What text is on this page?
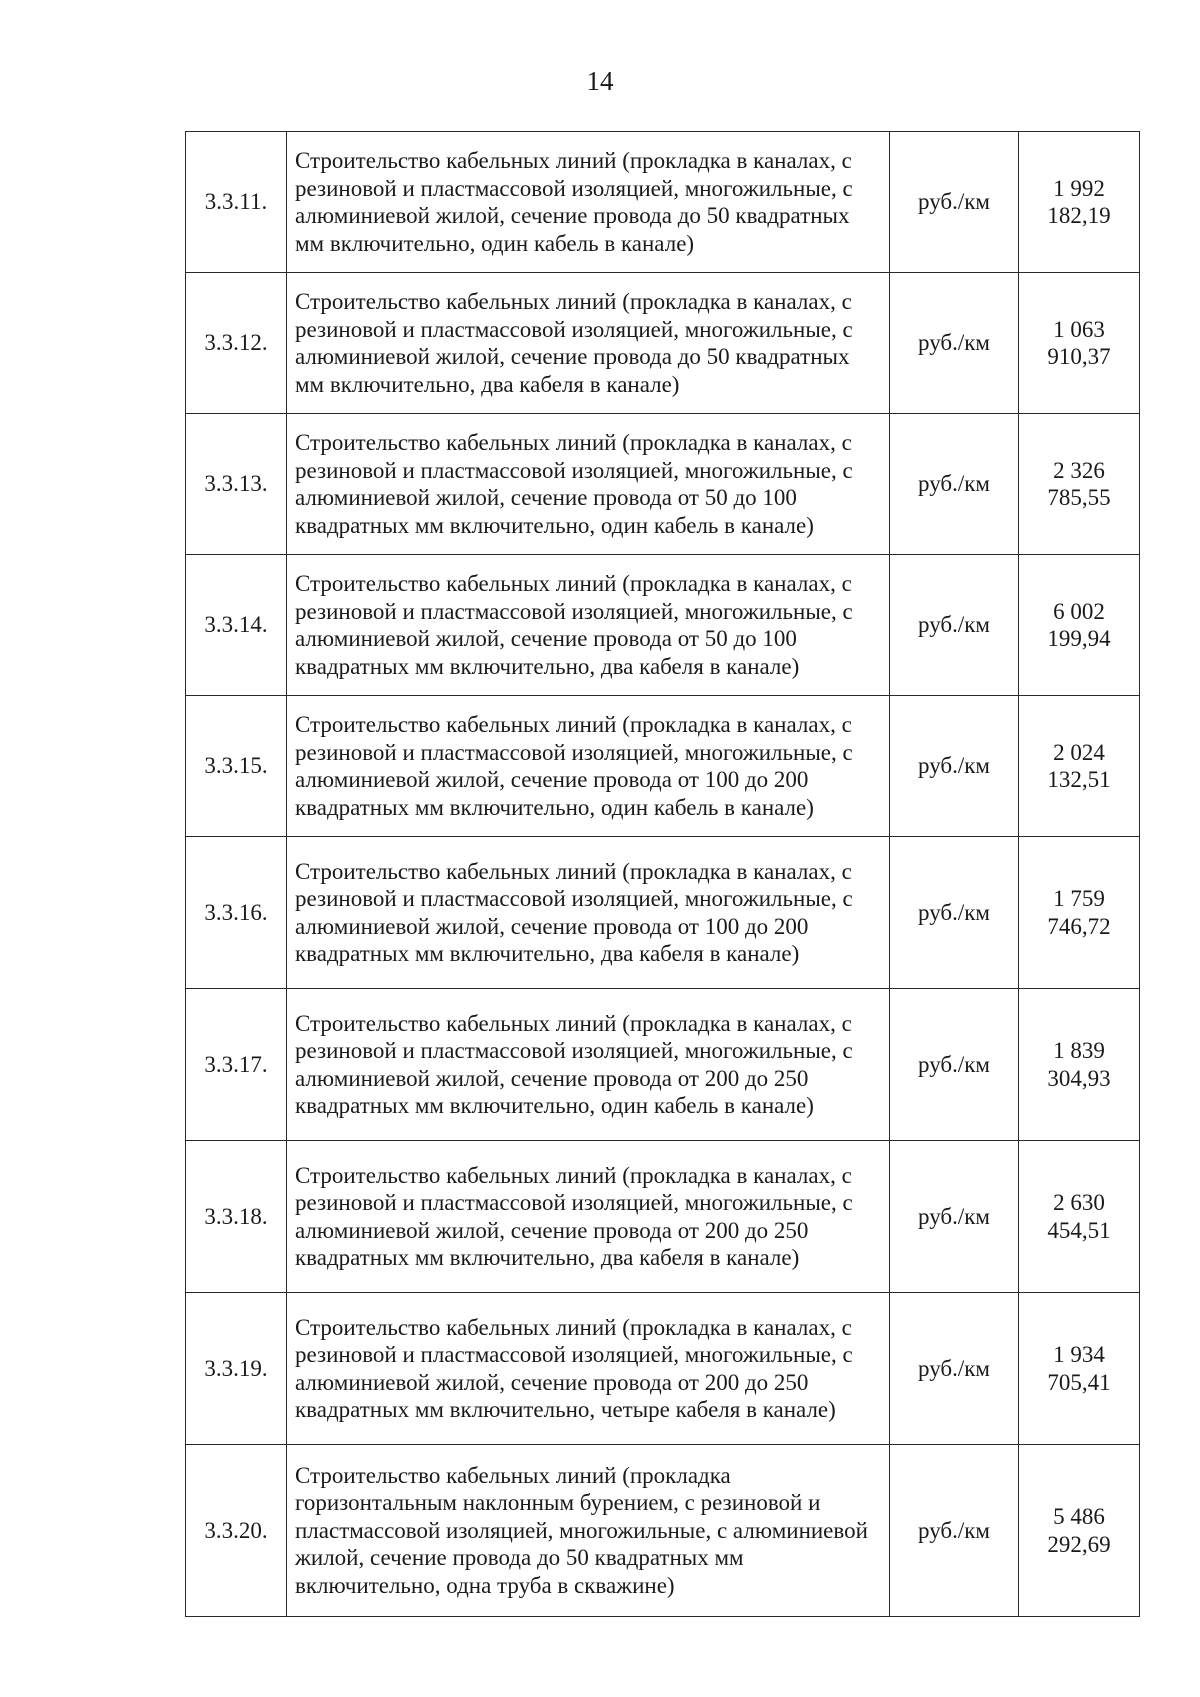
14
3.3.11.	Строительство кабельных линий (прокладка в каналах, с резиновой и пластмассовой изоляцией, многожильные, с алюминиевой жилой, сечение провода до 50 квадратных мм включительно, один кабель в канале)	руб./км	1 992 182,19
3.3.12.	Строительство кабельных линий (прокладка в каналах, с резиновой и пластмассовой изоляцией, многожильные, с алюминиевой жилой, сечение провода до 50 квадратных мм включительно, два кабеля в канале)	руб./км	1 063 910,37
3.3.13.	Строительство кабельных линий (прокладка в каналах, с резиновой и пластмассовой изоляцией, многожильные, с алюминиевой жилой, сечение провода от 50 до 100 квадратных мм включительно, один кабель в канале)	руб./км	2 326 785,55
3.3.14.	Строительство кабельных линий (прокладка в каналах, с резиновой и пластмассовой изоляцией, многожильные, с алюминиевой жилой, сечение провода от 50 до 100 квадратных мм включительно, два кабеля в канале)	руб./км	6 002 199,94
3.3.15.	Строительство кабельных линий (прокладка в каналах, с резиновой и пластмассовой изоляцией, многожильные, с алюминиевой жилой, сечение провода от 100 до 200 квадратных мм включительно, один кабель в канале)	руб./км	2 024 132,51
3.3.16.	Строительство кабельных линий (прокладка в каналах, с резиновой и пластмассовой изоляцией, многожильные, с алюминиевой жилой, сечение провода от 100 до 200 квадратных мм включительно, два кабеля в канале)	руб./км	1 759 746,72
3.3.17.	Строительство кабельных линий (прокладка в каналах, с резиновой и пластмассовой изоляцией, многожильные, с алюминиевой жилой, сечение провода от 200 до 250 квадратных мм включительно, один кабель в канале)	руб./км	1 839 304,93
3.3.18.	Строительство кабельных линий (прокладка в каналах, с резиновой и пластмассовой изоляцией, многожильные, с алюминиевой жилой, сечение провода от 200 до 250 квадратных мм включительно, два кабеля в канале)	руб./км	2 630 454,51
3.3.19.	Строительство кабельных линий (прокладка в каналах, с резиновой и пластмассовой изоляцией, многожильные, с алюминиевой жилой, сечение провода от 200 до 250 квадратных мм включительно, четыре кабеля в канале)	руб./км	1 934 705,41
3.3.20.	Строительство кабельных линий (прокладка горизонтальным наклонным бурением, с резиновой и пластмассовой изоляцией, многожильные, с алюминиевой жилой, сечение провода до 50 квадратных мм включительно, одна труба в скважине)	руб./км	5 486 292,69
